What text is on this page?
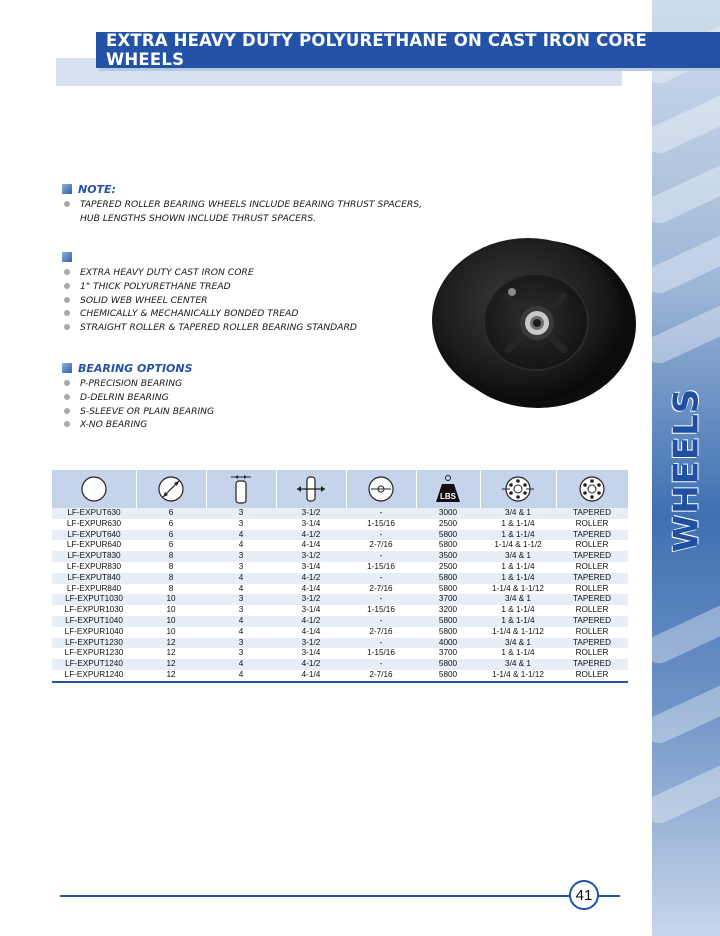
WHEELS
EXTRA HEAVY DUTY POLYURETHANE ON CAST IRON CORE WHEELS
NOTE:
TAPERED ROLLER BEARING WHEELS INCLUDE BEARING THRUST SPACERS,
HUB LENGTHS SHOWN INCLUDE THRUST SPACERS.
EXTRA HEAVY DUTY CAST IRON CORE
1" THICK POLYURETHANE TREAD
SOLID WEB WHEEL CENTER
CHEMICALLY & MECHANICALLY BONDED TREAD
STRAIGHT ROLLER & TAPERED ROLLER BEARING STANDARD
BEARING OPTIONS
P-PRECISION BEARING
D-DELRIN BEARING
S-SLEEVE OR PLAIN BEARING
X-NO BEARING

LBS

LF-EXPUT630	6	3	3-1/2	-	3000	3/4 & 1	TAPERED
LF-EXPUR630	6	3	3-1/4	1-15/16	2500	1 & 1-1/4	ROLLER
LF-EXPUT640	6	4	4-1/2	-	5800	1 & 1-1/4	TAPERED
LF-EXPUR640	6	4	4-1/4	2-7/16	5800	1-1/4 & 1-1/2	ROLLER
LF-EXPUT830	8	3	3-1/2	-	3500	3/4 & 1	TAPERED
LF-EXPUR830	8	3	3-1/4	1-15/16	2500	1 & 1-1/4	ROLLER
LF-EXPUT840	8	4	4-1/2	-	5800	1 & 1-1/4	TAPERED
LF-EXPUR840	8	4	4-1/4	2-7/16	5800	1-1/4 & 1-1/12	ROLLER
LF-EXPUT1030	10	3	3-1/2	-	3700	3/4 & 1	TAPERED
LF-EXPUR1030	10	3	3-1/4	1-15/16	3200	1 & 1-1/4	ROLLER
LF-EXPUT1040	10	4	4-1/2	-	5800	1 & 1-1/4	TAPERED
LF-EXPUR1040	10	4	4-1/4	2-7/16	5800	1-1/4 & 1-1/12	ROLLER
LF-EXPUT1230	12	3	3-1/2	-	4000	3/4 & 1	TAPERED
LF-EXPUR1230	12	3	3-1/4	1-15/16	3700	1 & 1-1/4	ROLLER
LF-EXPUT1240	12	4	4-1/2	-	5800	3/4 & 1	TAPERED
LF-EXPUR1240	12	4	4-1/4	2-7/16	5800	1-1/4 & 1-1/12	ROLLER
41
